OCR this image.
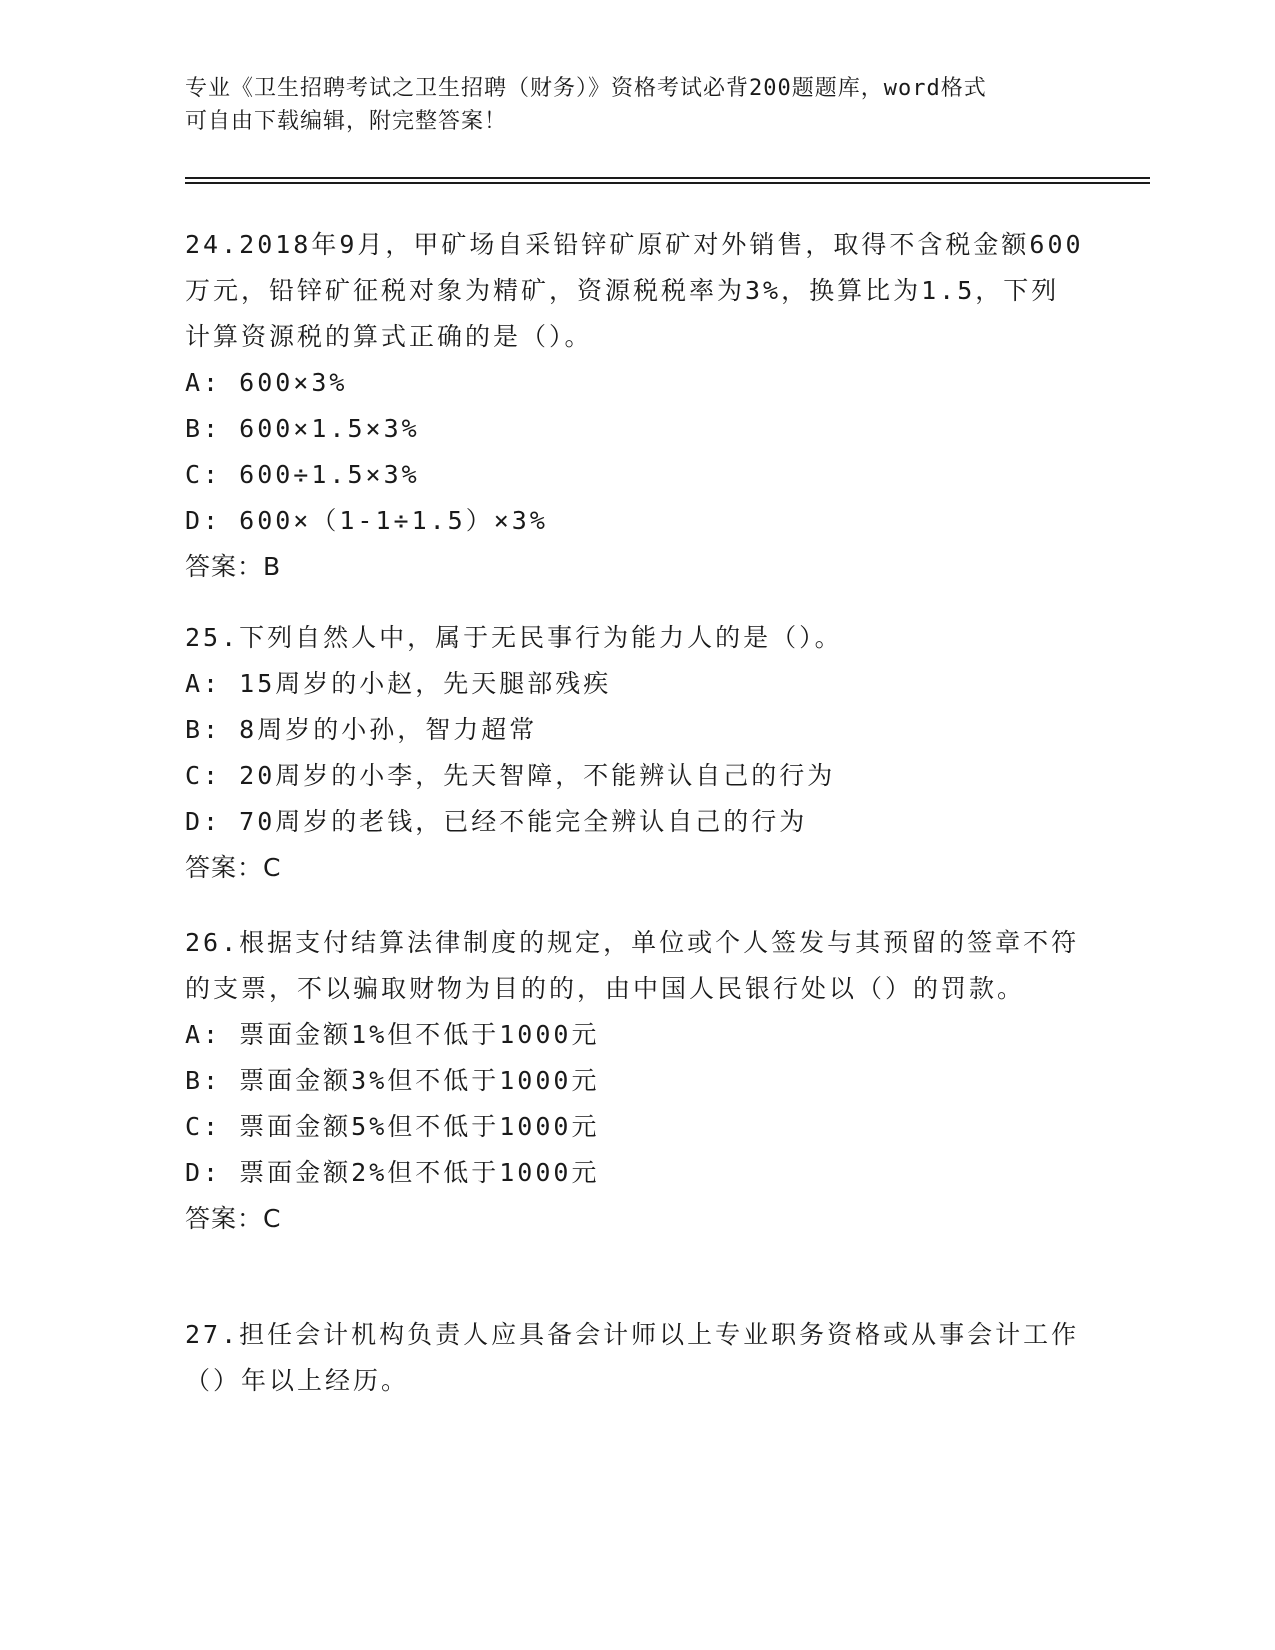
专业《卫生招聘考试之卫生招聘（财务）》资格考试必背200题题库，word格式
可自由下载编辑，附完整答案！
24.2018年9月，甲矿场自采铅锌矿原矿对外销售，取得不含税金额600万元，铅锌矿征税对象为精矿，资源税税率为3%，换算比为1.5，下列计算资源税的算式正确的是（）。
A: 600×3%
B: 600×1.5×3%
C: 600÷1.5×3%
D: 600×（1-1÷1.5）×3%
答案：B
25.下列自然人中，属于无民事行为能力人的是（）。
A: 15周岁的小赵，先天腿部残疾
B: 8周岁的小孙，智力超常
C: 20周岁的小李，先天智障，不能辨认自己的行为
D: 70周岁的老钱，已经不能完全辨认自己的行为
答案：C
26.根据支付结算法律制度的规定，单位或个人签发与其预留的签章不符的支票，不以骗取财物为目的的，由中国人民银行处以（）的罚款。
A: 票面金额1%但不低于1000元
B: 票面金额3%但不低于1000元
C: 票面金额5%但不低于1000元
D: 票面金额2%但不低于1000元
答案：C
27.担任会计机构负责人应具备会计师以上专业职务资格或从事会计工作（）年以上经历。
